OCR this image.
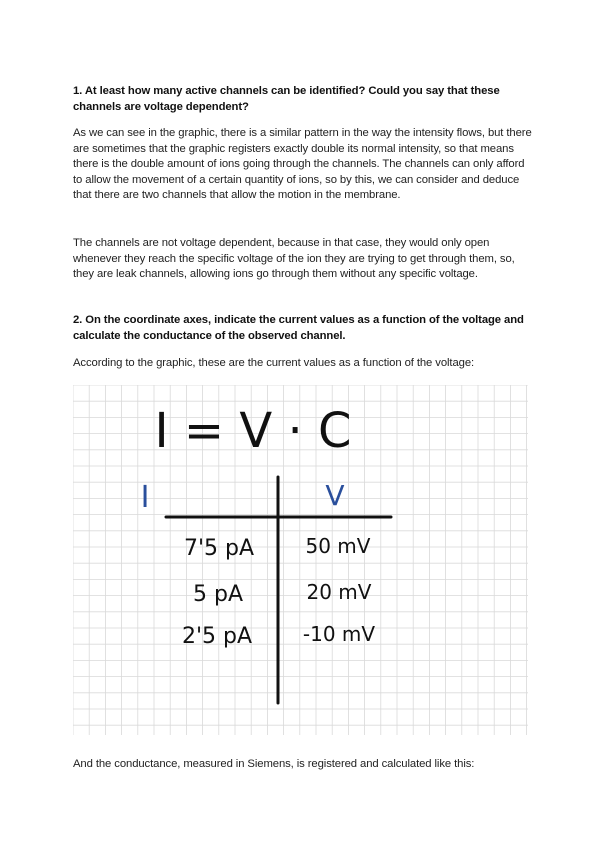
1. At least how many active channels can be identified? Could you say that these channels are voltage dependent?
As we can see in the graphic, there is a similar pattern in the way the intensity flows, but there are sometimes that the graphic registers exactly double its normal intensity, so that means there is the double amount of ions going through the channels. The channels can only afford to allow the movement of a certain quantity of ions, so by this, we can consider and deduce that there are two channels that allow the motion in the membrane.
The channels are not voltage dependent, because in that case, they would only open whenever they reach the specific voltage of the ion they are trying to get through them, so, they are leak channels, allowing ions go through them without any specific voltage.
2. On the coordinate axes, indicate the current values as a function of the voltage and calculate the conductance of the observed channel.
According to the graphic, these are the current values as a function of the voltage:
I = V · C
I	V
7'5 pA	50 mV
5 pA	20 mV
2'5 pA	-10 mV
And the conductance, measured in Siemens, is registered and calculated like this:
